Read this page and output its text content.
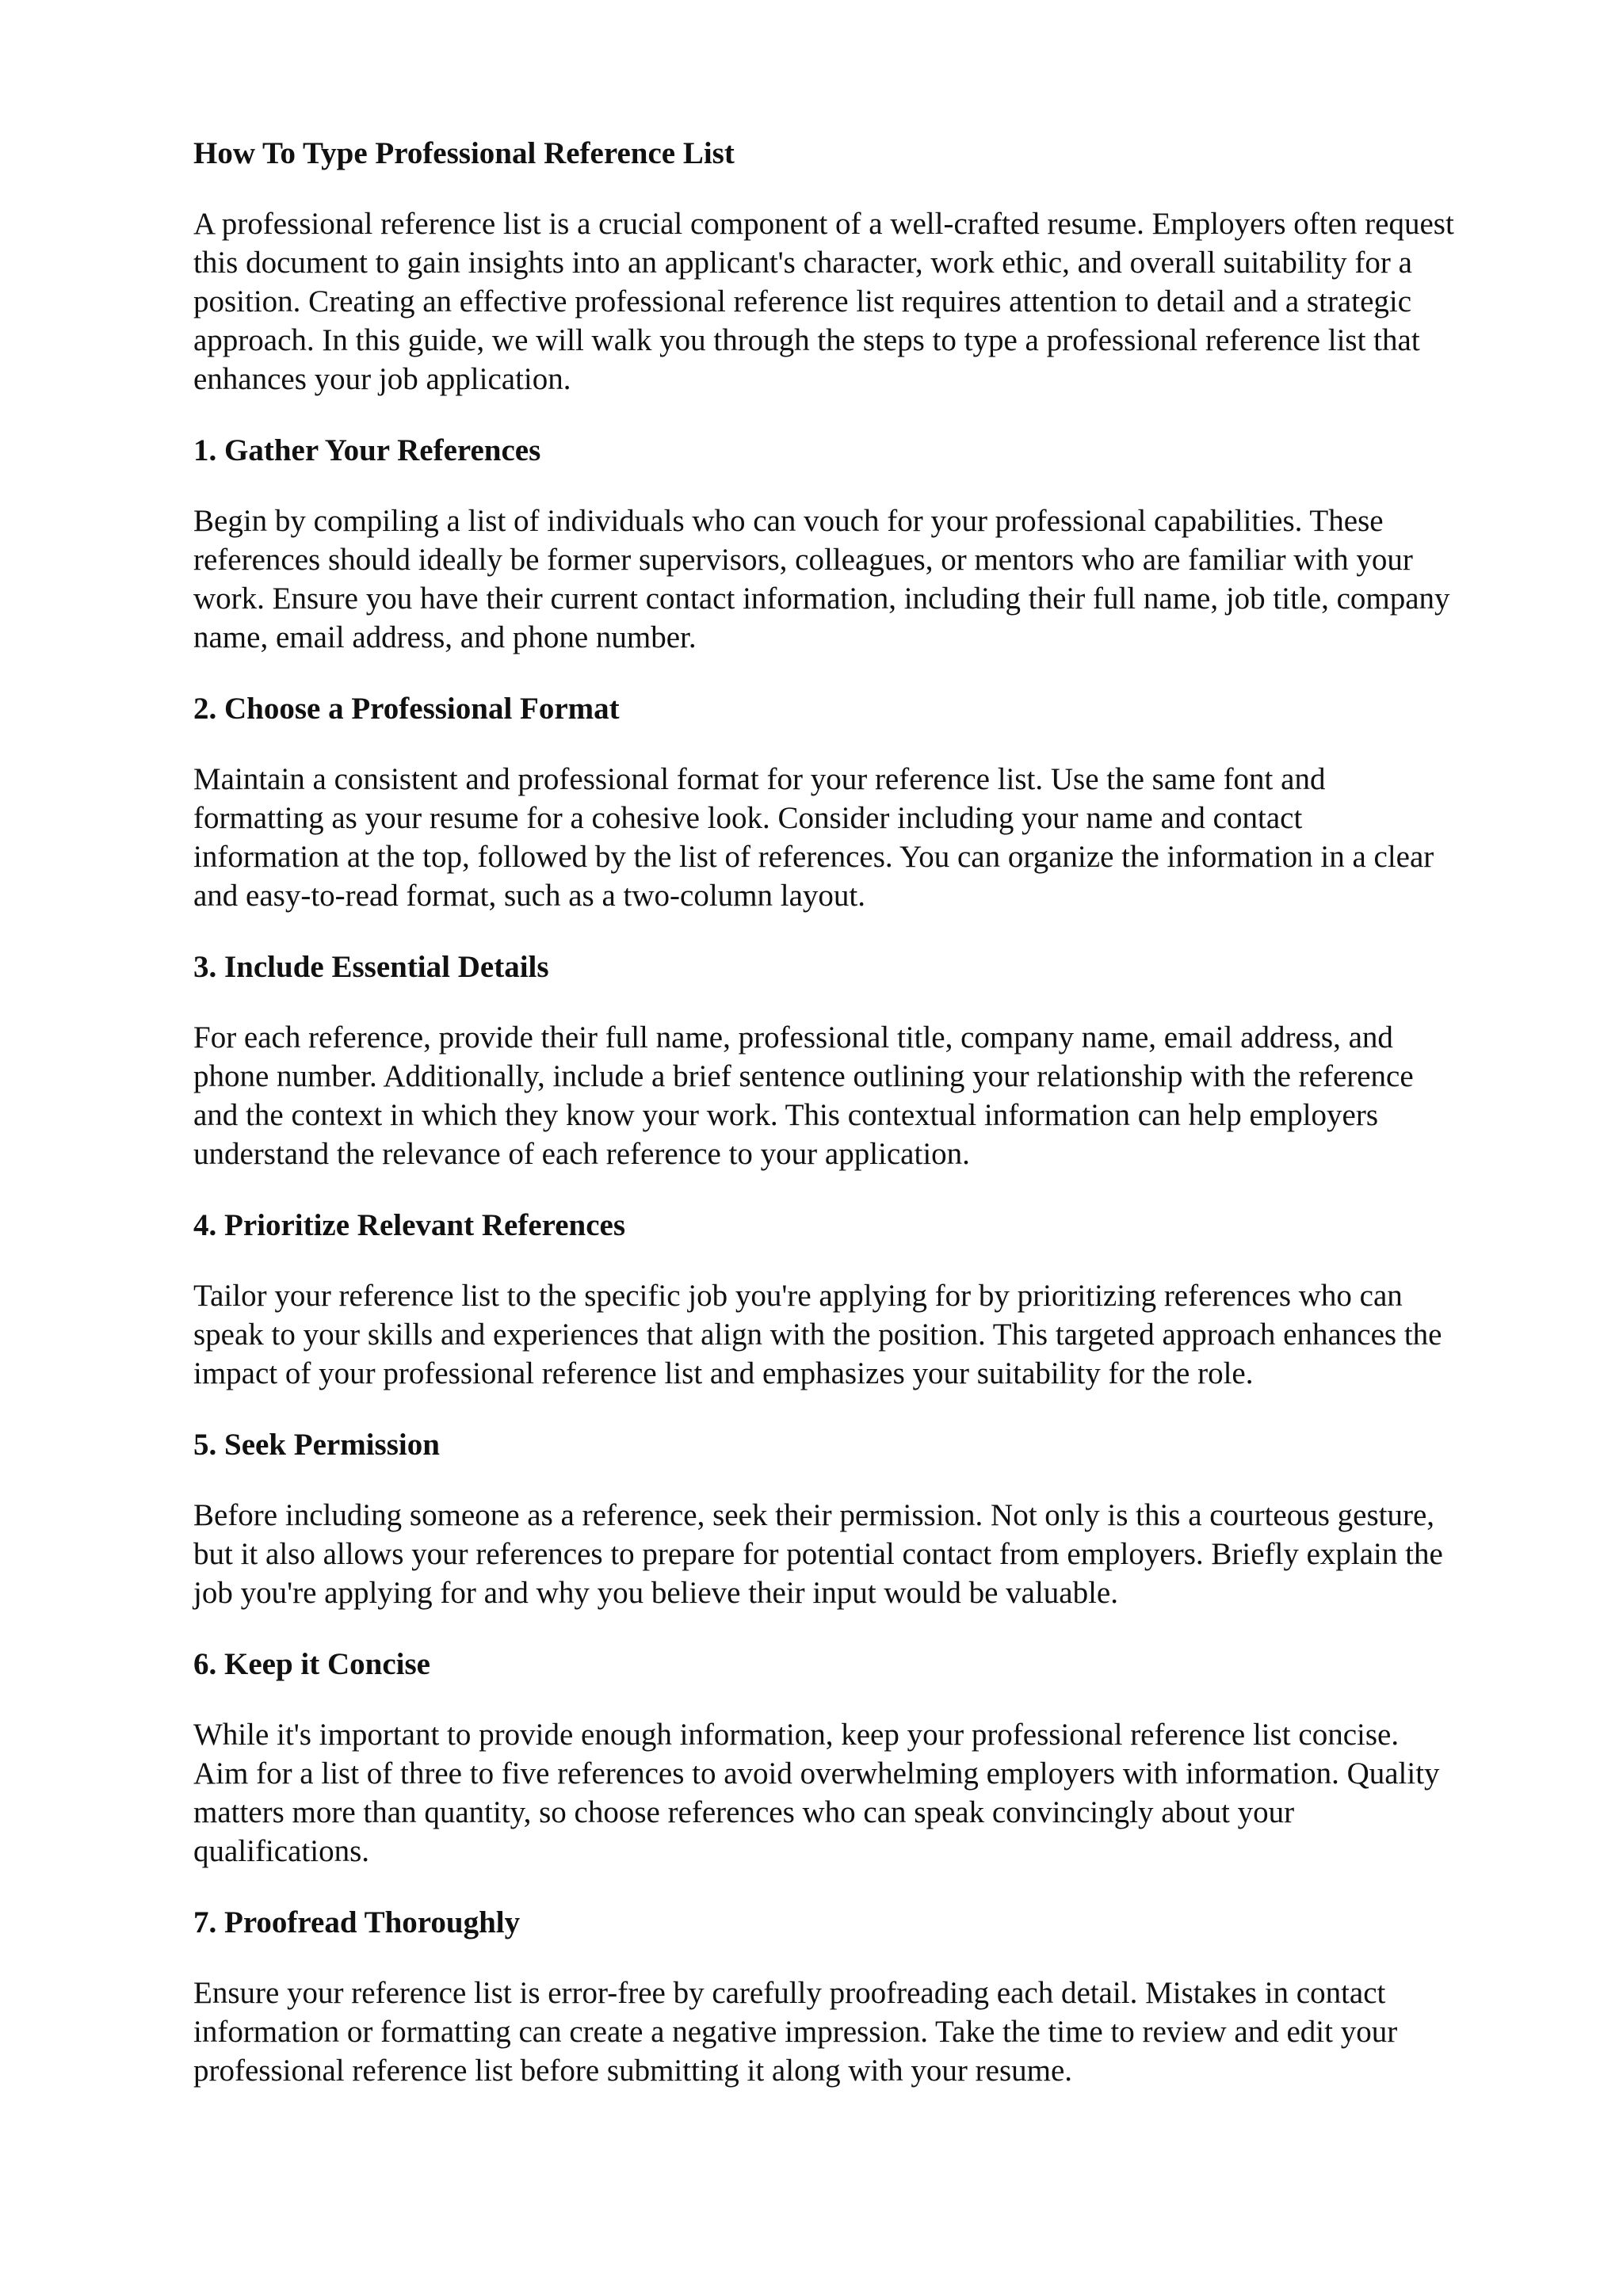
How To Type Professional Reference List
A professional reference list is a crucial component of a well-crafted resume. Employers often request
this document to gain insights into an applicant's character, work ethic, and overall suitability for a
position. Creating an effective professional reference list requires attention to detail and a strategic
approach. In this guide, we will walk you through the steps to type a professional reference list that
enhances your job application.
1. Gather Your References
Begin by compiling a list of individuals who can vouch for your professional capabilities. These
references should ideally be former supervisors, colleagues, or mentors who are familiar with your
work. Ensure you have their current contact information, including their full name, job title, company
name, email address, and phone number.
2. Choose a Professional Format
Maintain a consistent and professional format for your reference list. Use the same font and
formatting as your resume for a cohesive look. Consider including your name and contact
information at the top, followed by the list of references. You can organize the information in a clear
and easy-to-read format, such as a two-column layout.
3. Include Essential Details
For each reference, provide their full name, professional title, company name, email address, and
phone number. Additionally, include a brief sentence outlining your relationship with the reference
and the context in which they know your work. This contextual information can help employers
understand the relevance of each reference to your application.
4. Prioritize Relevant References
Tailor your reference list to the specific job you're applying for by prioritizing references who can
speak to your skills and experiences that align with the position. This targeted approach enhances the
impact of your professional reference list and emphasizes your suitability for the role.
5. Seek Permission
Before including someone as a reference, seek their permission. Not only is this a courteous gesture,
but it also allows your references to prepare for potential contact from employers. Briefly explain the
job you're applying for and why you believe their input would be valuable.
6. Keep it Concise
While it's important to provide enough information, keep your professional reference list concise.
Aim for a list of three to five references to avoid overwhelming employers with information. Quality
matters more than quantity, so choose references who can speak convincingly about your
qualifications.
7. Proofread Thoroughly
Ensure your reference list is error-free by carefully proofreading each detail. Mistakes in contact
information or formatting can create a negative impression. Take the time to review and edit your
professional reference list before submitting it along with your resume.
